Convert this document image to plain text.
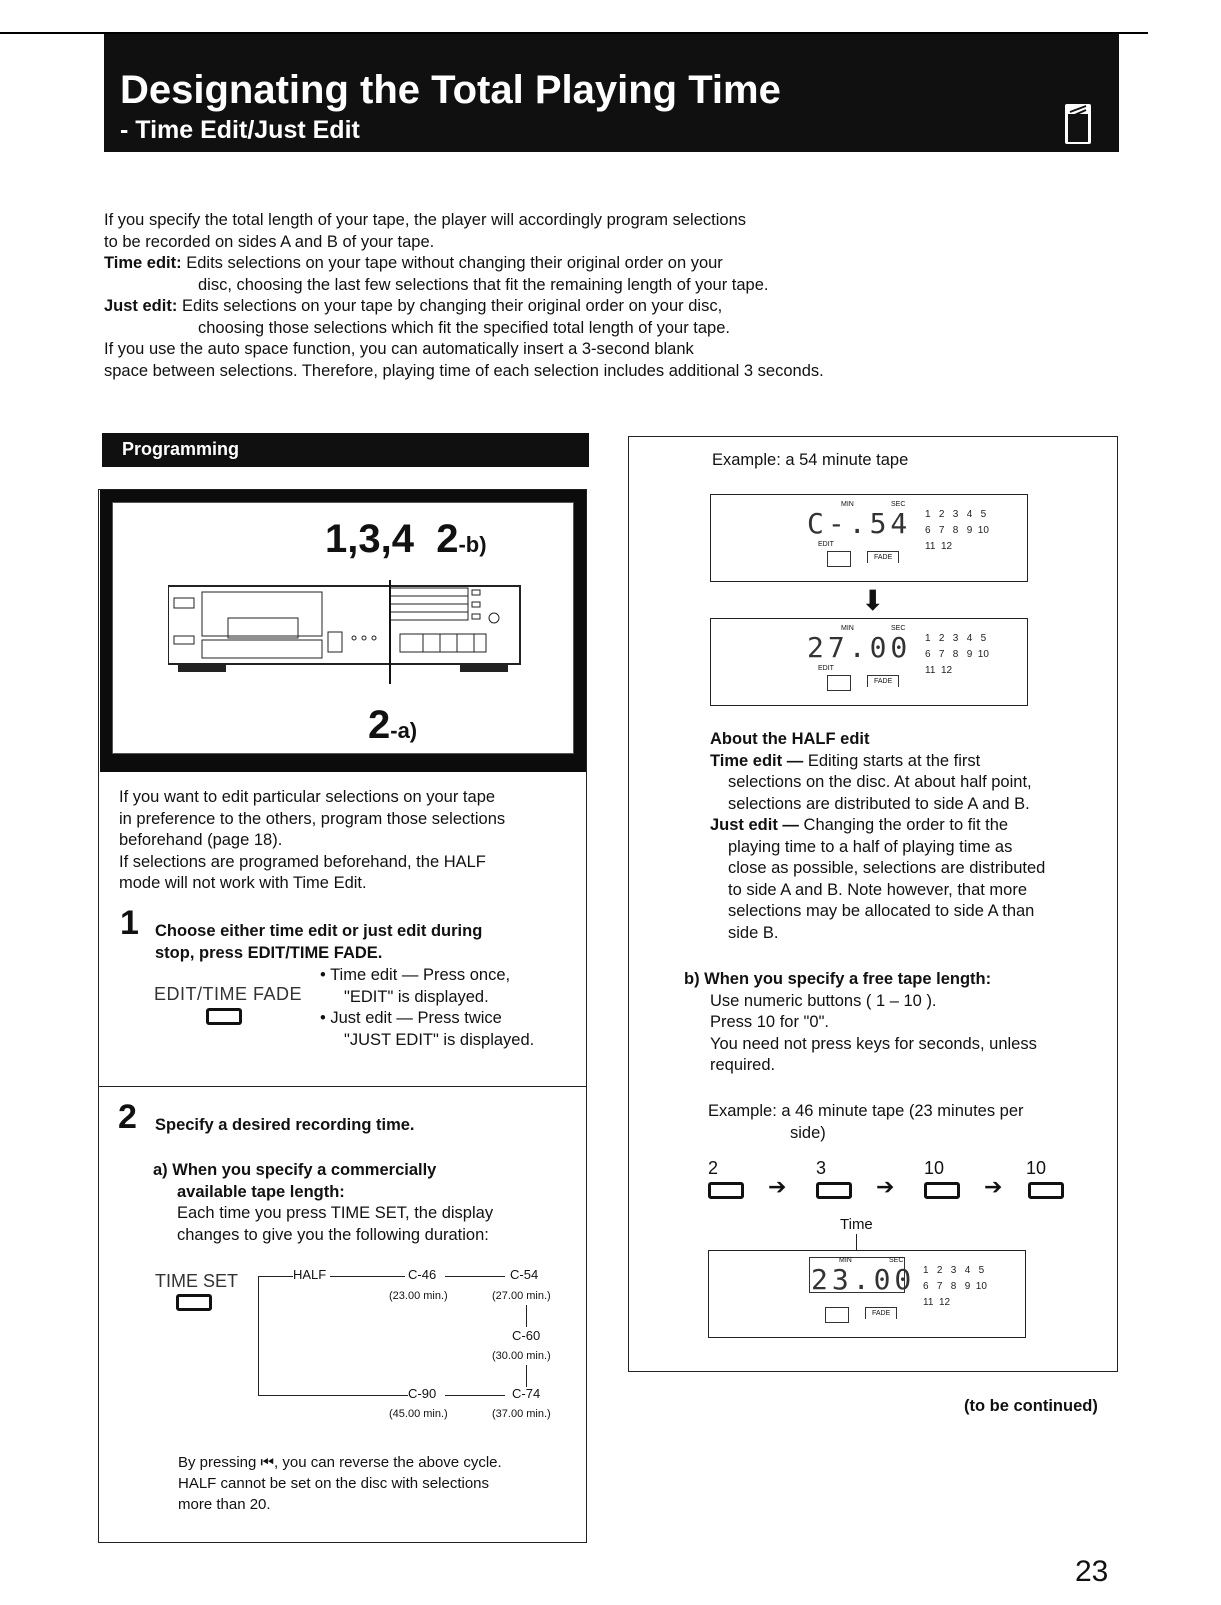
Designating the Total Playing Time
- Time Edit/Just Edit
If you specify the total length of your tape, the player will accordingly program selections
to be recorded on sides A and B of your tape.
Time edit: Edits selections on your tape without changing their original order on your
disc, choosing the last few selections that fit the remaining length of your tape.
Just edit: Edits selections on your tape by changing their original order on your disc,
choosing those selections which fit the specified total length of your tape.
If you use the auto space function, you can automatically insert a 3-second blank
space between selections. Therefore, playing time of each selection includes additional 3 seconds.
Programming
1,3,4 2-b)
2-a)
If you want to edit particular selections on your tape
in preference to the others, program those selections
beforehand (page 18).
If selections are programed beforehand, the HALF
mode will not work with Time Edit.
1 Choose either time edit or just edit during
stop, press EDIT/TIME FADE.
EDIT/TIME FADE
• Time edit — Press once,
"EDIT" is displayed.
• Just edit — Press twice
"JUST EDIT" is displayed.
2 Specify a desired recording time.
a) When you specify a commercially
available tape length:
Each time you press TIME SET, the display
changes to give you the following duration:
TIME SET	HALF	C-46
(23.00 min.)
C-54
(27.00 min.)
C-60
(30.00 min.)
C-90
(45.00 min.)
C-74
(37.00 min.)
By pressing ⏮, you can reverse the above cycle.
HALF cannot be set on the disc with selections
more than 20.
Example: a 54 minute tape
MIN	SEC
C-.54
EDIT
FADE
1   2   3   4   5
6   7   8   9  10
11  12
⬇
MIN	SEC
27.00
EDIT
FADE
1   2   3   4   5
6   7   8   9  10
11  12
About the HALF edit
Time edit — Editing starts at the first
selections on the disc. At about half point,
selections are distributed to side A and B.
Just edit — Changing the order to fit the
playing time to a half of playing time as
close as possible, selections are distributed
to side A and B. Note however, that more
selections may be allocated to side A than
side B.
b) When you specify a free tape length:
Use numeric buttons ( 1 – 10 ).
Press 10 for "0".
You need not press keys for seconds, unless
required.
Example: a 46 minute tape (23 minutes per
side)
2
➔
3
➔
10
➔
10
Time
MIN	SEC
23.00
FADE
1   2   3   4   5
6   7   8   9  10
11  12
(to be continued)
23
